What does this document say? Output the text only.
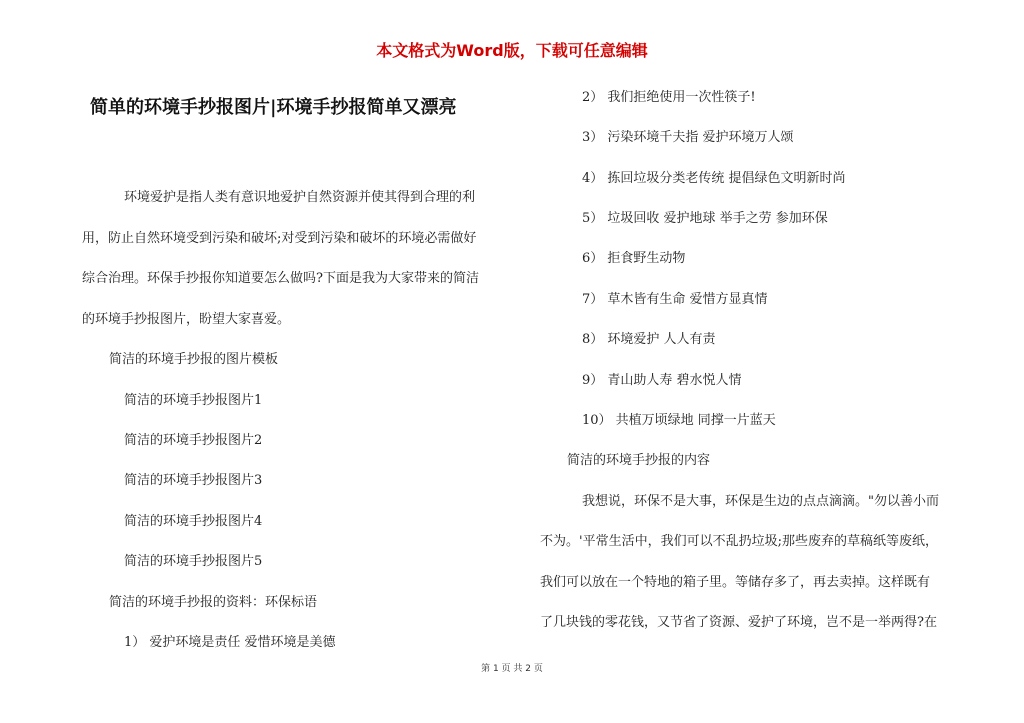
本文格式为Word版，下载可任意编辑
简单的环境手抄报图片|环境手抄报简单又漂亮
环境爱护是指人类有意识地爱护自然资源并使其得到合理的利
用，防止自然环境受到污染和破坏;对受到污染和破坏的环境必需做好
综合治理。环保手抄报你知道要怎么做吗?下面是我为大家带来的简洁
的环境手抄报图片，盼望大家喜爱。
简洁的环境手抄报的图片模板
简洁的环境手抄报图片1
简洁的环境手抄报图片2
简洁的环境手抄报图片3
简洁的环境手抄报图片4
简洁的环境手抄报图片5
简洁的环境手抄报的资料：环保标语
1） 爱护环境是责任 爱惜环境是美德
2） 我们拒绝使用一次性筷子!
3） 污染环境千夫指 爱护环境万人颂
4） 拣回垃圾分类老传统 提倡绿色文明新时尚
5） 垃圾回收 爱护地球 举手之劳 参加环保
6） 拒食野生动物
7） 草木皆有生命 爱惜方显真情
8） 环境爱护 人人有责
9） 青山助人寿 碧水悦人情
10） 共植万顷绿地 同撑一片蓝天
简洁的环境手抄报的内容
我想说，环保不是大事，环保是生边的点点滴滴。"勿以善小而
不为。'平常生活中，我们可以不乱扔垃圾;那些废弃的草稿纸等废纸，
我们可以放在一个特地的箱子里。等储存多了，再去卖掉。这样既有
了几块钱的零花钱，又节省了资源、爱护了环境，岂不是一举两得?在
第 1 页 共 2 页
